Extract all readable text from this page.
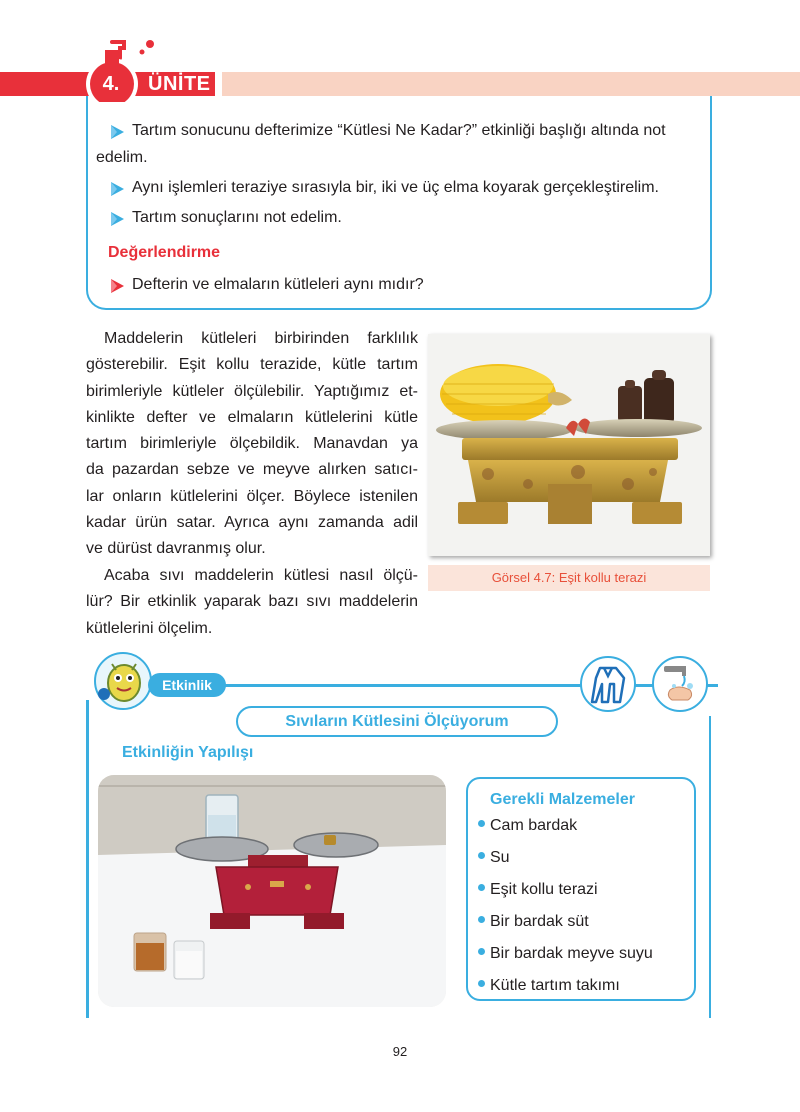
4.	ÜNİTE
Tartım sonucunu defterimize “Kütlesi Ne Kadar?” etkinliği başlığı altında not
edelim.
Aynı işlemleri teraziye sırasıyla bir, iki ve üç elma koyarak gerçekleştirelim.
Tartım sonuçlarını not edelim.
Değerlendirme
Defterin ve elmaların kütleleri aynı mıdır?
Maddelerin kütleleri birbirinden farklılık
gösterebilir. Eşit kollu terazide, kütle tartım
birimleriyle kütleler ölçülebilir. Yaptığımız et-
kinlikte defter ve elmaların kütlelerini kütle
tartım birimleriyle ölçebildik. Manavdan ya
da pazardan sebze ve meyve alırken satıcı-
lar onların kütlelerini ölçer. Böylece istenilen
kadar ürün satar. Ayrıca aynı zamanda adil
ve dürüst davranmış olur.
Acaba sıvı maddelerin kütlesi nasıl ölçü-
lür? Bir etkinlik yaparak bazı sıvı maddelerin
kütlelerini ölçelim.
Görsel 4.7: Eşit kollu terazi
Etkinlik
Sıvıların Kütlesini Ölçüyorum
Etkinliğin Yapılışı
Gerekli Malzemeler
Cam bardak
Su
Eşit kollu terazi
Bir bardak süt
Bir bardak meyve suyu
Kütle tartım takımı
92
